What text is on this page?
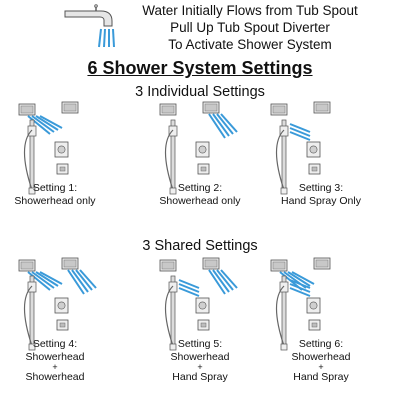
Water Initially Flows from Tub Spout
Pull Up Tub Spout Diverter
To Activate Shower System
6 Shower System Settings
3 Individual Settings
Setting 1:
Showerhead only
Setting 2:
Showerhead only
Setting 3:
Hand Spray Only
3 Shared Settings
Setting 4:
Showerhead
+
Showerhead
Setting 5:
Showerhead
+
Hand Spray
Setting 6:
Showerhead
+
Hand Spray
